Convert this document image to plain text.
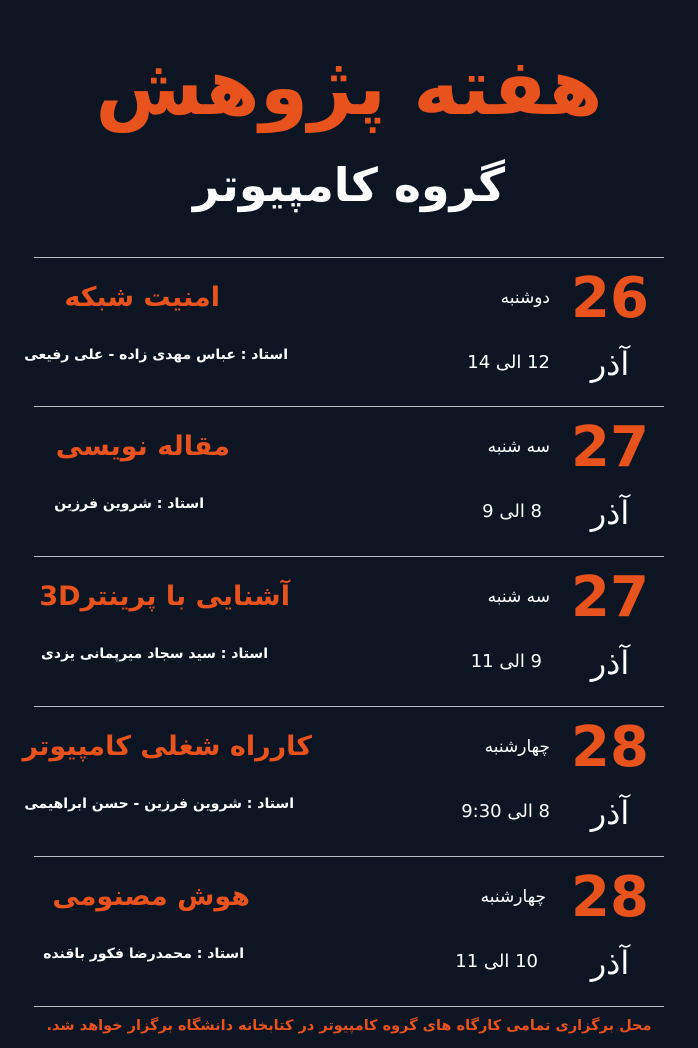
هفته پژوهش
گروه کامپیوتر
26
آذر
دوشنبه
12 الی 14
امنیت شبکه
استاد : عباس مهدی زاده - علی رفیعی
27
آذر
سه شنبه
8 الی 9
مقاله نویسی
استاد : شروین فرزین
27
آذر
سه شنبه
9 الی 11
آشنایی با پرینتر3D
استاد : سید سجاد میرپمانی یزدی
28
آذر
چهارشنبه
8 الی 9:30
کارراه شغلی کامپیوتر
استاد : شروین فرزین - حسن ابراهیمی
28
آذر
چهارشنبه
10 الی 11
هوش مصنومی
استاد : محمدرضا فکور باقنده
محل برگزاری تمامی کارگاه های گروه کامپیوتر در کتابخانه دانشگاه برگزار خواهد شد.
